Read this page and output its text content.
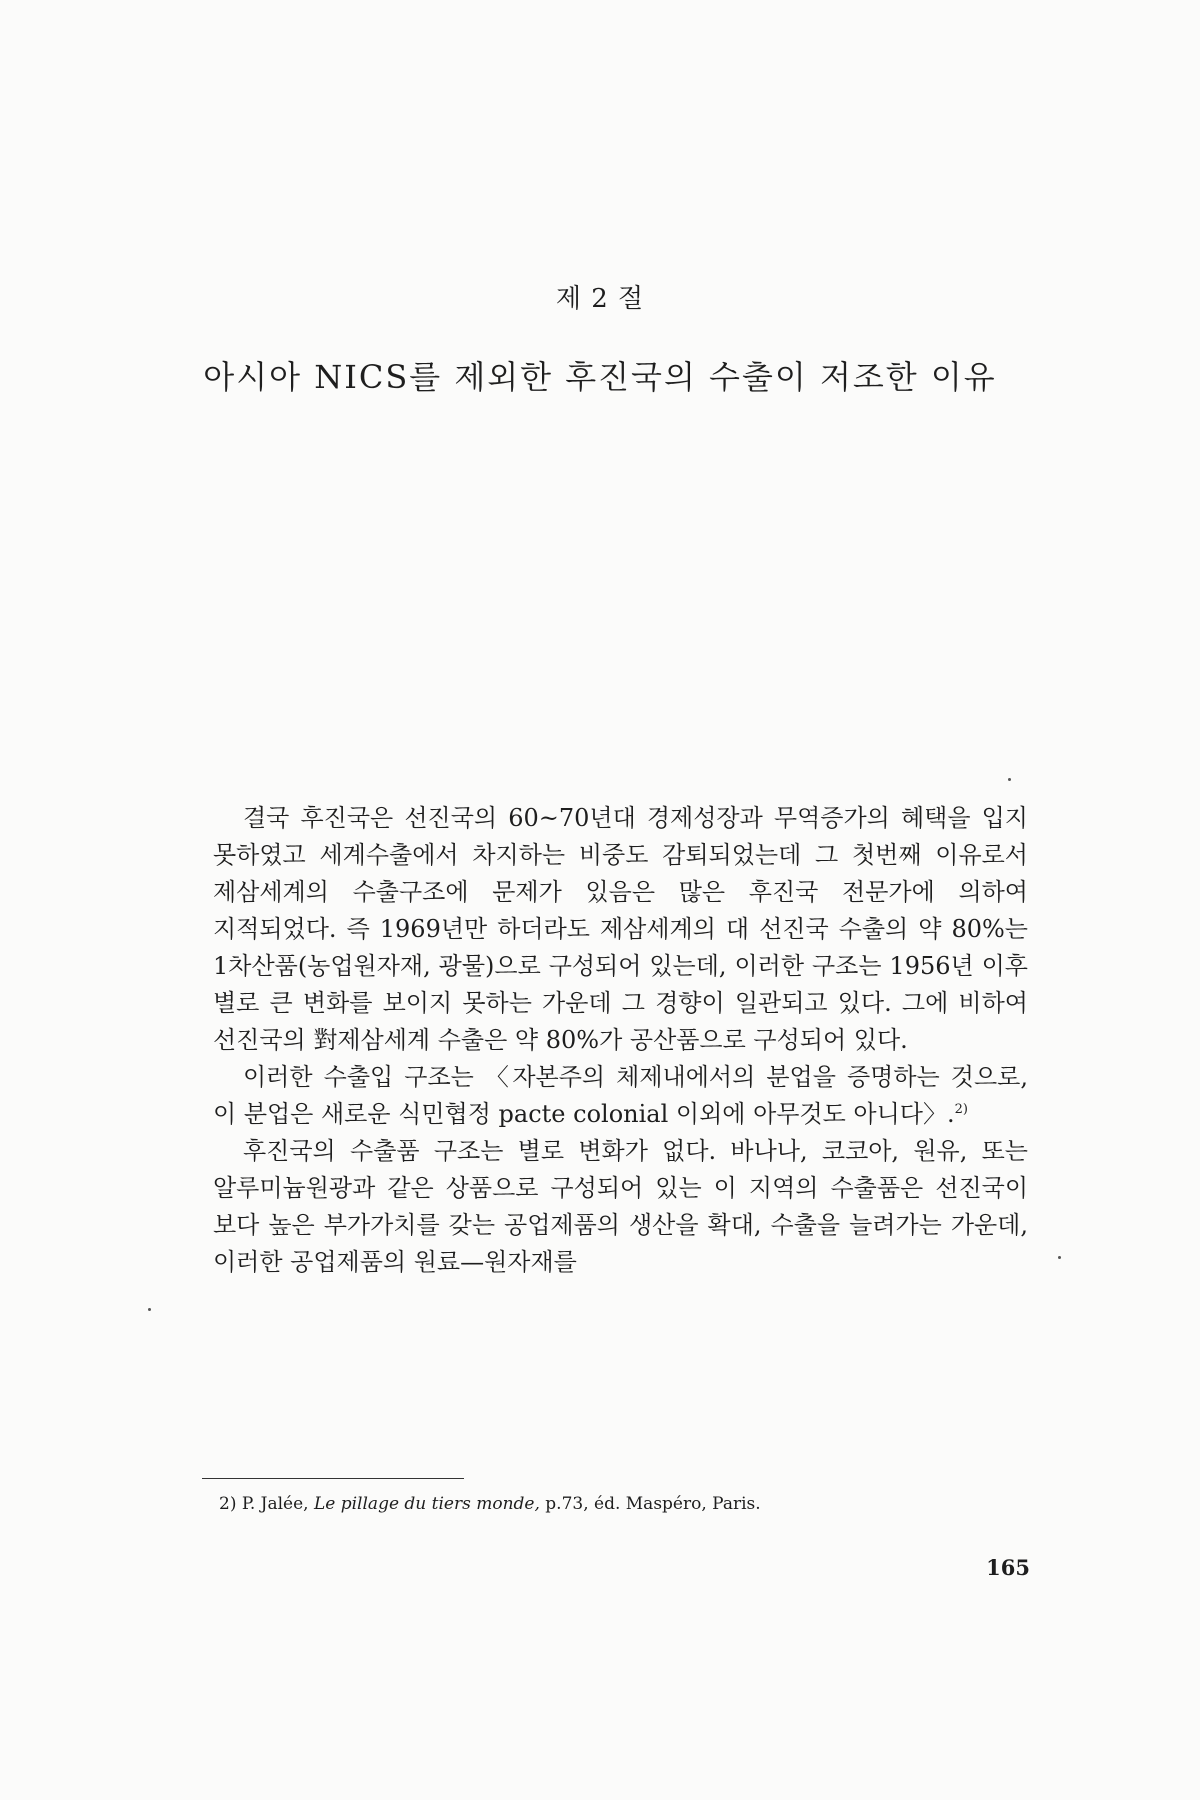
제 2 절
아시아 NICS를 제외한 후진국의 수출이 저조한 이유

결국 후진국은 선진국의 60~70년대 경제성장과 무역증가의 혜택을 입지 못하였고 세계수출에서 차지하는 비중도 감퇴되었는데 그 첫번째 이유로서 제삼세계의 수출구조에 문제가 있음은 많은 후진국 전문가에 의하여 지적되었다. 즉 1969년만 하더라도 제삼세계의 대 선진국 수출의 약 80%는 1차산품(농업원자재, 광물)으로 구성되어 있는데, 이러한 구조는 1956년 이후 별로 큰 변화를 보이지 못하는 가운데 그 경향이 일관되고 있다. 그에 비하여 선진국의 對제삼세계 수출은 약 80%가 공산품으로 구성되어 있다.

이러한 수출입 구조는 〈자본주의 체제내에서의 분업을 증명하는 것으로, 이 분업은 새로운 식민협정 pacte colonial 이외에 아무것도 아니다〉.$^{2)}$

후진국의 수출품 구조는 별로 변화가 없다. 바나나, 코코아, 원유, 또는 알루미늄원광과 같은 상품으로 구성되어 있는 이 지역의 수출품은 선진국이 보다 높은 부가가치를 갖는 공업제품의 생산을 확대, 수출을 늘려가는 가운데, 이러한 공업제품의 원료—원자재를

2) P. Jalée, Le pillage du tiers monde, p.73, éd. Maspéro, Paris.
165
